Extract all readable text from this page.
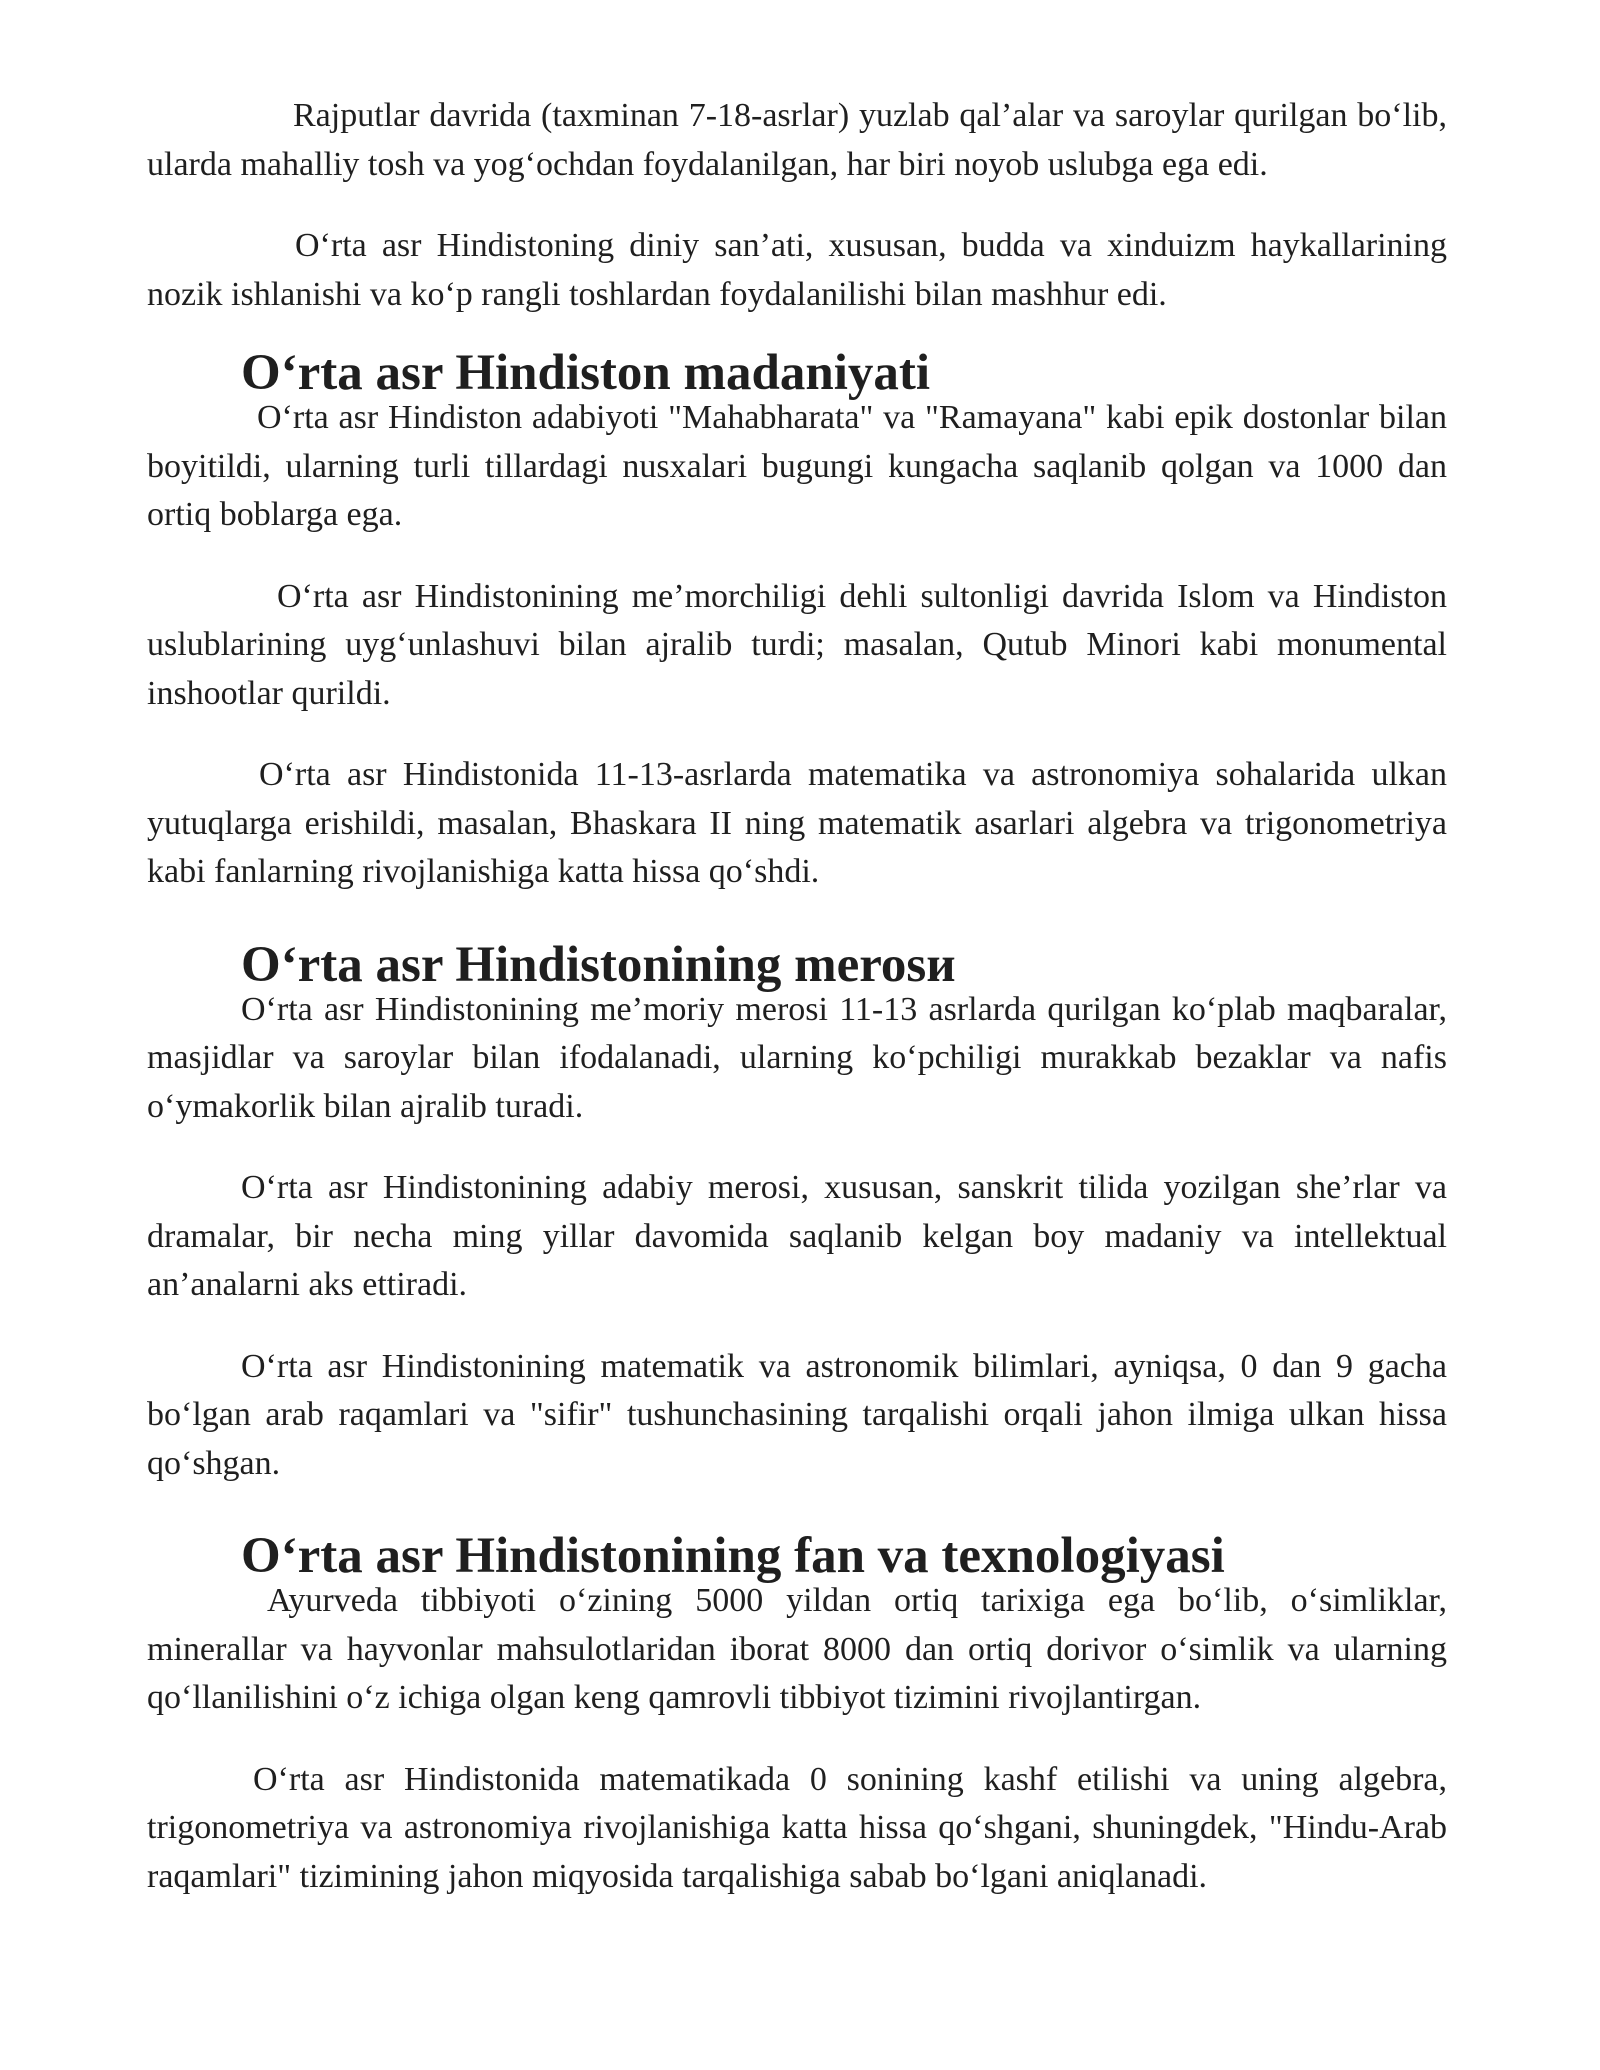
Rajputlar davrida (taxminan 7-18-asrlar) yuzlab qal’alar va saroylar qurilgan bo‘lib, ularda mahalliy tosh va yog‘ochdan foydalanilgan, har biri noyob uslubga ega edi.

O‘rta asr Hindistoning diniy san’ati, xususan, budda va xinduizm haykallarining nozik ishlanishi va ko‘p rangli toshlardan foydalanilishi bilan mashhur edi.

O‘rta asr Hindiston madaniyati

O‘rta asr Hindiston adabiyoti "Mahabharata" va "Ramayana" kabi epik dostonlar bilan boyitildi, ularning turli tillardagi nusxalari bugungi kungacha saqlanib qolgan va 1000 dan ortiq boblarga ega.

O‘rta asr Hindistonining me’morchiligi dehli sultonligi davrida Islom va Hindiston uslublarining uyg‘unlashuvi bilan ajralib turdi; masalan, Qutub Minori kabi monumental inshootlar qurildi.

O‘rta asr Hindistonida 11-13-asrlarda matematika va astronomiya sohalarida ulkan yutuqlarga erishildi, masalan, Bhaskara II ning matematik asarlari algebra va trigonometriya kabi fanlarning rivojlanishiga katta hissa qo‘shdi.

O‘rta asr Hindistonining merosи

O‘rta asr Hindistonining me’moriy merosi 11-13 asrlarda qurilgan ko‘plab maqbaralar, masjidlar va saroylar bilan ifodalanadi, ularning ko‘pchiligi murakkab bezaklar va nafis o‘ymakorlik bilan ajralib turadi.

O‘rta asr Hindistonining adabiy merosi, xususan, sanskrit tilida yozilgan she’rlar va dramalar, bir necha ming yillar davomida saqlanib kelgan boy madaniy va intellektual an’analarni aks ettiradi.

O‘rta asr Hindistonining matematik va astronomik bilimlari, ayniqsa, 0 dan 9 gacha bo‘lgan arab raqamlari va "sifir" tushunchasining tarqalishi orqali jahon ilmiga ulkan hissa qo‘shgan.

O‘rta asr Hindistonining fan va texnologiyasi

Ayurveda tibbiyoti o‘zining 5000 yildan ortiq tarixiga ega bo‘lib, o‘simliklar, minerallar va hayvonlar mahsulotlaridan iborat 8000 dan ortiq dorivor o‘simlik va ularning qo‘llanilishini o‘z ichiga olgan keng qamrovli tibbiyot tizimini rivojlantirgan.

O‘rta asr Hindistonida matematikada 0 sonining kashf etilishi va uning algebra, trigonometriya va astronomiya rivojlanishiga katta hissa qo‘shgani, shuningdek, "Hindu-Arab raqamlari" tizimining jahon miqyosida tarqalishiga sabab bo‘lgani aniqlanadi.
